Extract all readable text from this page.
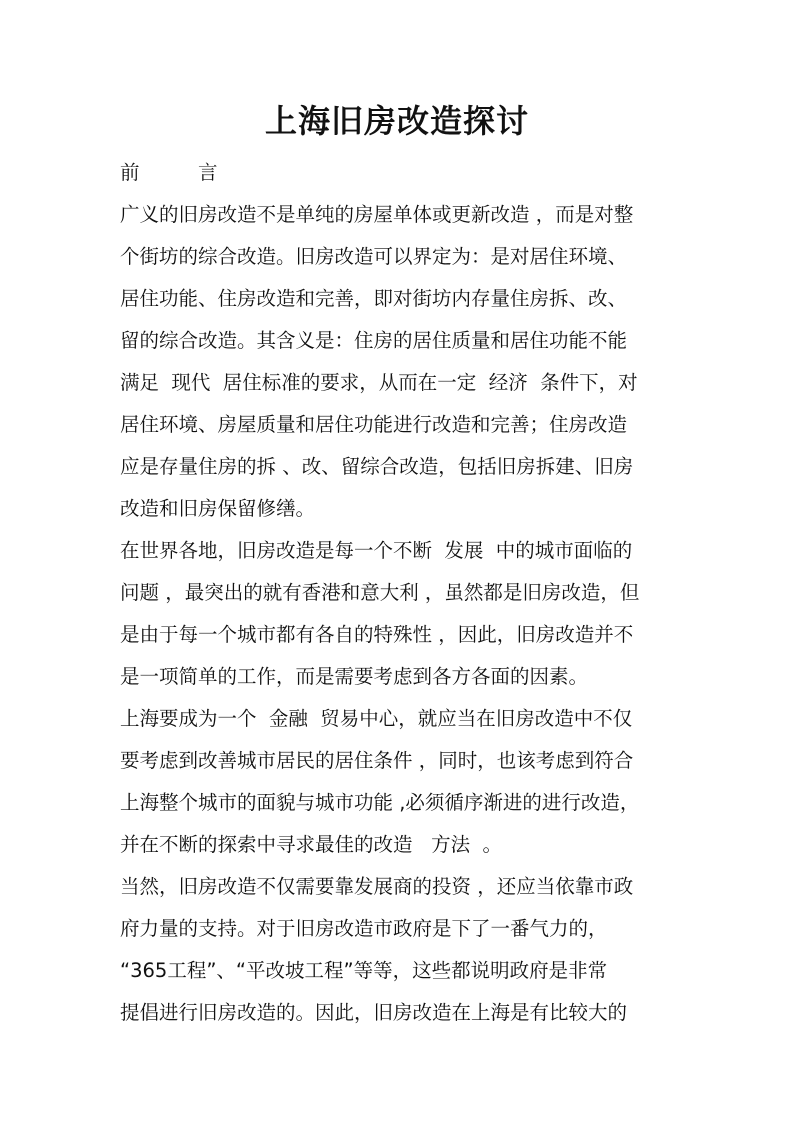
上海旧房改造探讨
前　　　言
广义的旧房改造不是单纯的房屋单体或更新改造 ，而是对整
个街坊的综合改造。旧房改造可以界定为：是对居住环境、
居住功能、住房改造和完善，即对街坊内存量住房拆、改、
留的综合改造。其含义是：住房的居住质量和居住功能不能
满足  现代  居住标准的要求，从而在一定  经济  条件下，对
居住环境、房屋质量和居住功能进行改造和完善；住房改造
应是存量住房的拆 、改、留综合改造，包括旧房拆建、旧房
改造和旧房保留修缮。
在世界各地，旧房改造是每一个不断  发展  中的城市面临的
问题 ，最突出的就有香港和意大利 ，虽然都是旧房改造，但
是由于每一个城市都有各自的特殊性 ，因此，旧房改造并不
是一项简单的工作，而是需要考虑到各方各面的因素。
上海要成为一个  金融  贸易中心，就应当在旧房改造中不仅
要考虑到改善城市居民的居住条件 ，同时，也该考虑到符合
上海整个城市的面貌与城市功能 ,必须循序渐进的进行改造，
并在不断的探索中寻求最佳的改造   方法  。
当然，旧房改造不仅需要靠发展商的投资 ，还应当依靠市政
府力量的支持。对于旧房改造市政府是下了一番气力的，
“365工程”、“平改坡工程”等等，这些都说明政府是非常
提倡进行旧房改造的。因此，旧房改造在上海是有比较大的
